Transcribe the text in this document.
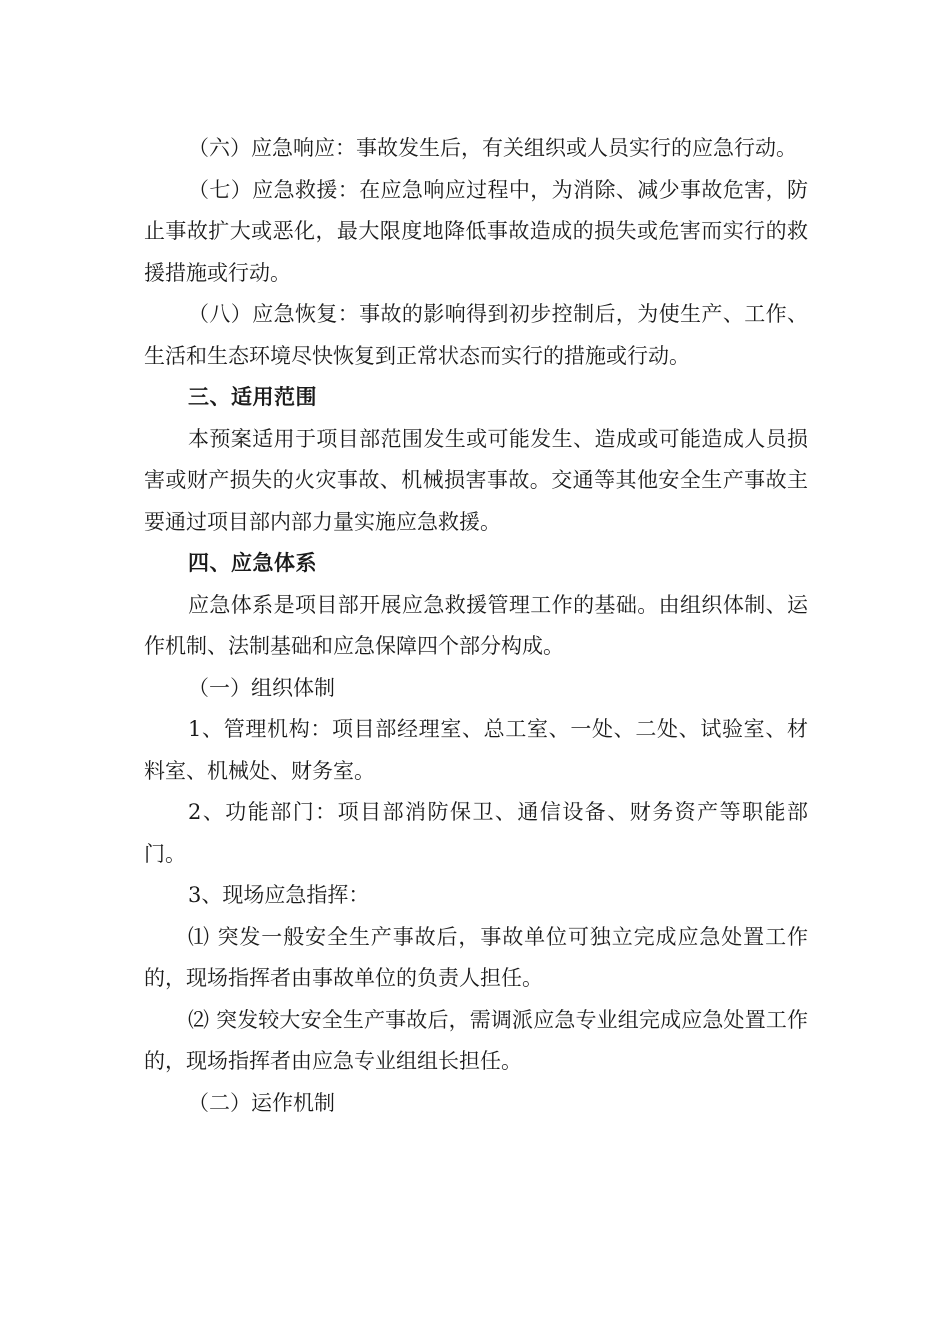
（六）应急响应：事故发生后，有关组织或人员实行的应急行动。

（七）应急救援：在应急响应过程中，为消除、减少事故危害，防止事故扩大或恶化，最大限度地降低事故造成的损失或危害而实行的救援措施或行动。

（八）应急恢复：事故的影响得到初步控制后，为使生产、工作、生活和生态环境尽快恢复到正常状态而实行的措施或行动。

三、适用范围

本预案适用于项目部范围发生或可能发生、造成或可能造成人员损害或财产损失的火灾事故、机械损害事故。交通等其他安全生产事故主要通过项目部内部力量实施应急救援。

四、应急体系

应急体系是项目部开展应急救援管理工作的基础。由组织体制、运作机制、法制基础和应急保障四个部分构成。

（一）组织体制

1、管理机构：项目部经理室、总工室、一处、二处、试验室、材料室、机械处、财务室。

2、功能部门：项目部消防保卫、通信设备、财务资产等职能部门。

3、现场应急指挥：

⑴ 突发一般安全生产事故后，事故单位可独立完成应急处置工作的，现场指挥者由事故单位的负责人担任。

⑵ 突发较大安全生产事故后，需调派应急专业组完成应急处置工作的，现场指挥者由应急专业组组长担任。

（二）运作机制
